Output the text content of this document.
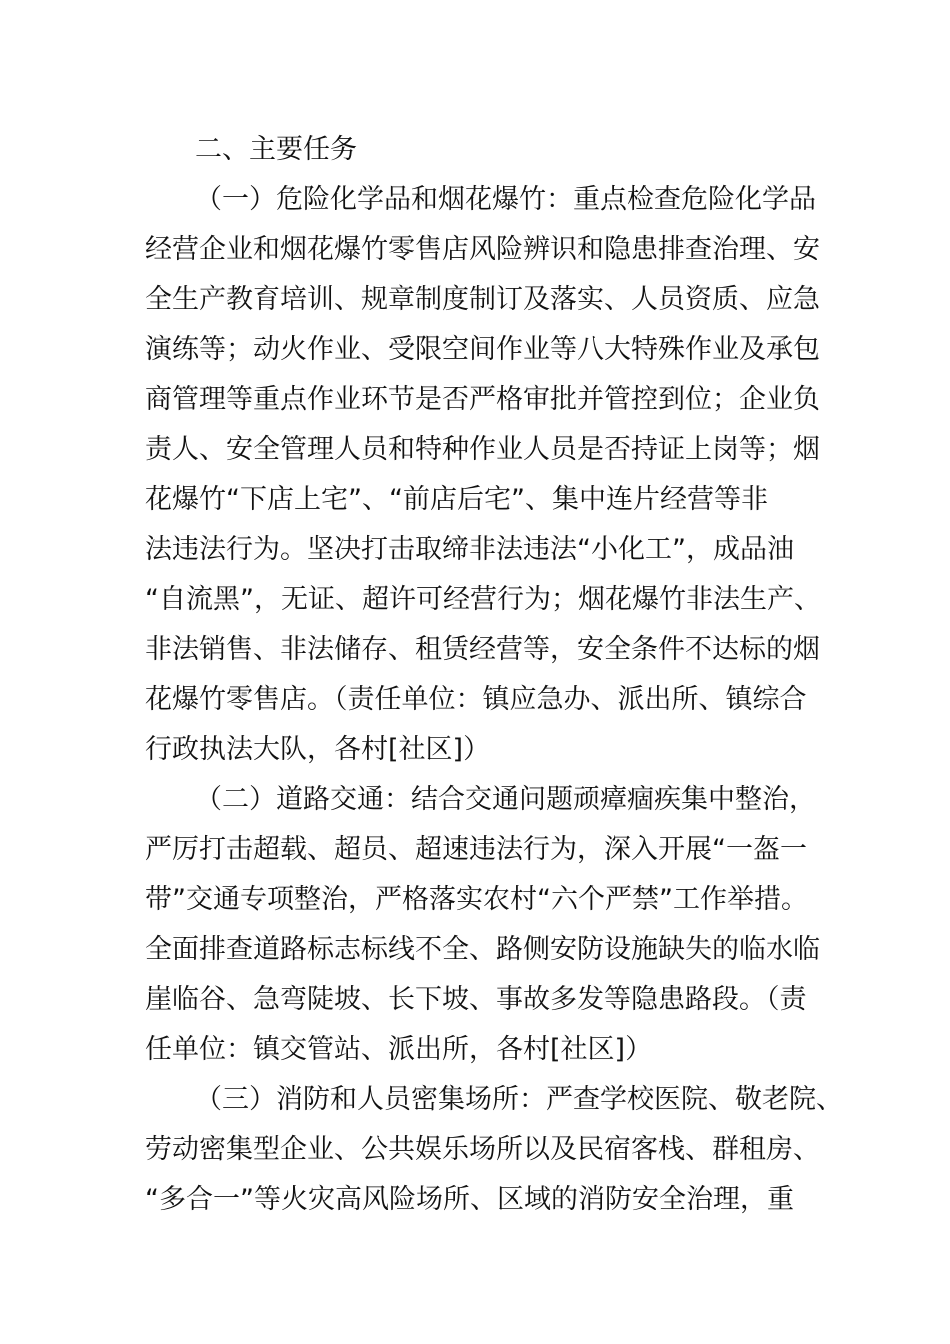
二、主要任务
（一）危险化学品和烟花爆竹：重点检查危险化学品
经营企业和烟花爆竹零售店风险辨识和隐患排查治理、安
全生产教育培训、规章制度制订及落实、人员资质、应急
演练等；动火作业、受限空间作业等八大特殊作业及承包
商管理等重点作业环节是否严格审批并管控到位；企业负
责人、安全管理人员和特种作业人员是否持证上岗等；烟
花爆竹“下店上宅”、“前店后宅”、集中连片经营等非
法违法行为。坚决打击取缔非法违法“小化工”，成品油
“自流黑”，无证、超许可经营行为；烟花爆竹非法生产、
非法销售、非法储存、租赁经营等，安全条件不达标的烟
花爆竹零售店。（责任单位：镇应急办、派出所、镇综合
行政执法大队，各村[社区]）
（二）道路交通：结合交通问题顽瘴痼疾集中整治，
严厉打击超载、超员、超速违法行为，深入开展“一盔一
带”交通专项整治，严格落实农村“六个严禁”工作举措。
全面排查道路标志标线不全、路侧安防设施缺失的临水临
崖临谷、急弯陡坡、长下坡、事故多发等隐患路段。（责
任单位：镇交管站、派出所，各村[社区]）
（三）消防和人员密集场所：严查学校医院、敬老院、
劳动密集型企业、公共娱乐场所以及民宿客栈、群租房、
“多合一”等火灾高风险场所、区域的消防安全治理，重
